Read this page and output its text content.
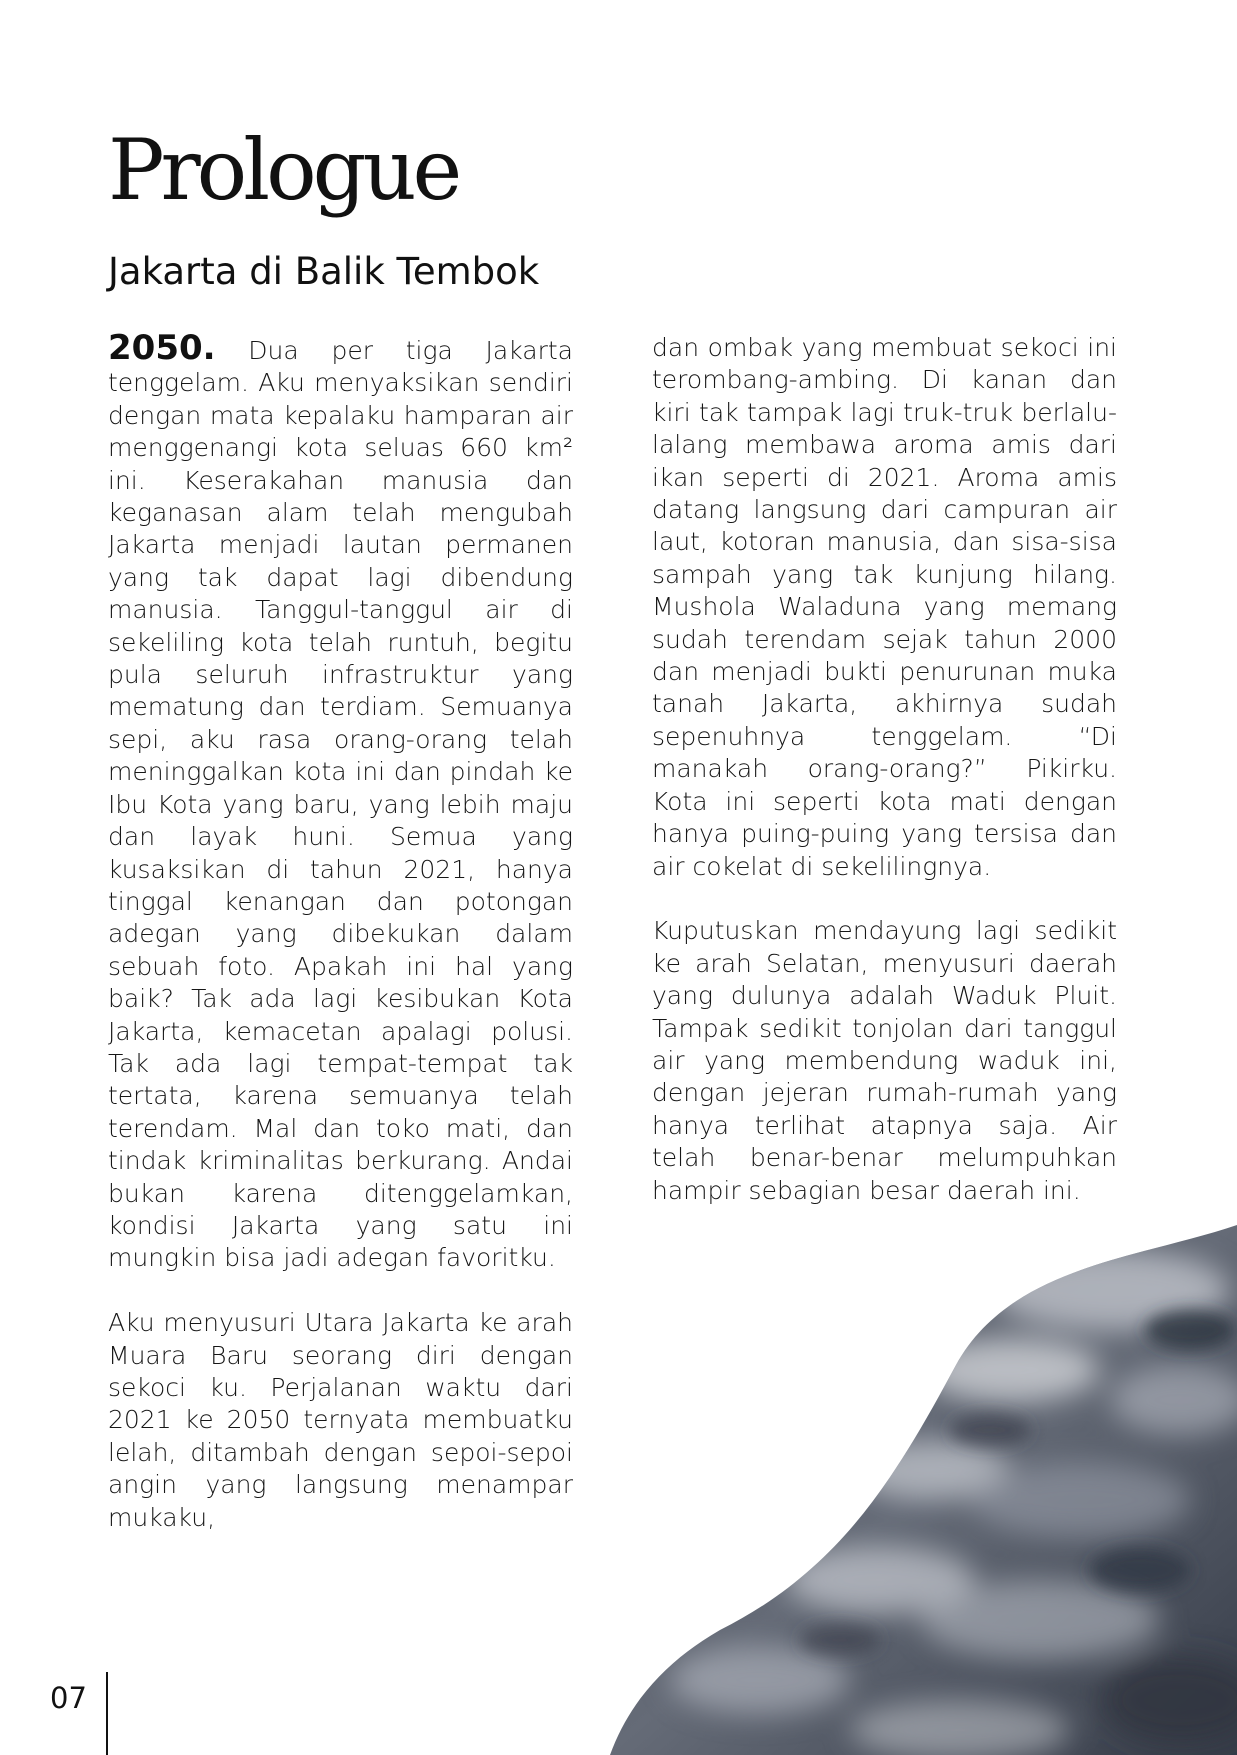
Prologue
Jakarta di Balik Tembok

2050. Dua per tiga Jakarta tenggelam. Aku menyaksikan sendiri dengan mata kepalaku hamparan air menggenangi kota seluas 660 km² ini. Keserakahan manusia dan keganasan alam telah mengubah Jakarta menjadi lautan permanen yang tak dapat lagi dibendung manusia. Tanggul-tanggul air di sekeliling kota telah runtuh, begitu pula seluruh infrastruktur yang mematung dan terdiam. Semuanya sepi, aku rasa orang-orang telah meninggalkan kota ini dan pindah ke Ibu Kota yang baru, yang lebih maju dan layak huni. Semua yang kusaksikan di tahun 2021, hanya tinggal kenangan dan potongan adegan yang dibekukan dalam sebuah foto. Apakah ini hal yang baik? Tak ada lagi kesibukan Kota Jakarta, kemacetan apalagi polusi. Tak ada lagi tempat-tempat tak tertata, karena semuanya telah terendam. Mal dan toko mati, dan tindak kriminalitas berkurang. Andai bukan karena ditenggelamkan, kondisi Jakarta yang satu ini mungkin bisa jadi adegan favoritku.

Aku menyusuri Utara Jakarta ke arah Muara Baru seorang diri dengan sekoci ku. Perjalanan waktu dari 2021 ke 2050 ternyata membuatku lelah, ditambah dengan sepoi-sepoi angin yang langsung menampar mukaku,

dan ombak yang membuat sekoci ini terombang-ambing. Di kanan dan kiri tak tampak lagi truk-truk berlalu-lalang membawa aroma amis dari ikan seperti di 2021. Aroma amis datang langsung dari campuran air laut, kotoran manusia, dan sisa-sisa sampah yang tak kunjung hilang. Mushola Waladuna yang memang sudah terendam sejak tahun 2000 dan menjadi bukti penurunan muka tanah Jakarta, akhirnya sudah sepenuhnya tenggelam. “Di manakah orang-orang?” Pikirku. Kota ini seperti kota mati dengan hanya puing-puing yang tersisa dan air cokelat di sekelilingnya.

Kuputuskan mendayung lagi sedikit ke arah Selatan, menyusuri daerah yang dulunya adalah Waduk Pluit. Tampak sedikit tonjolan dari tanggul air yang membendung waduk ini, dengan jejeran rumah-rumah yang hanya terlihat atapnya saja. Air telah benar-benar melumpuhkan hampir sebagian besar daerah ini.

07
